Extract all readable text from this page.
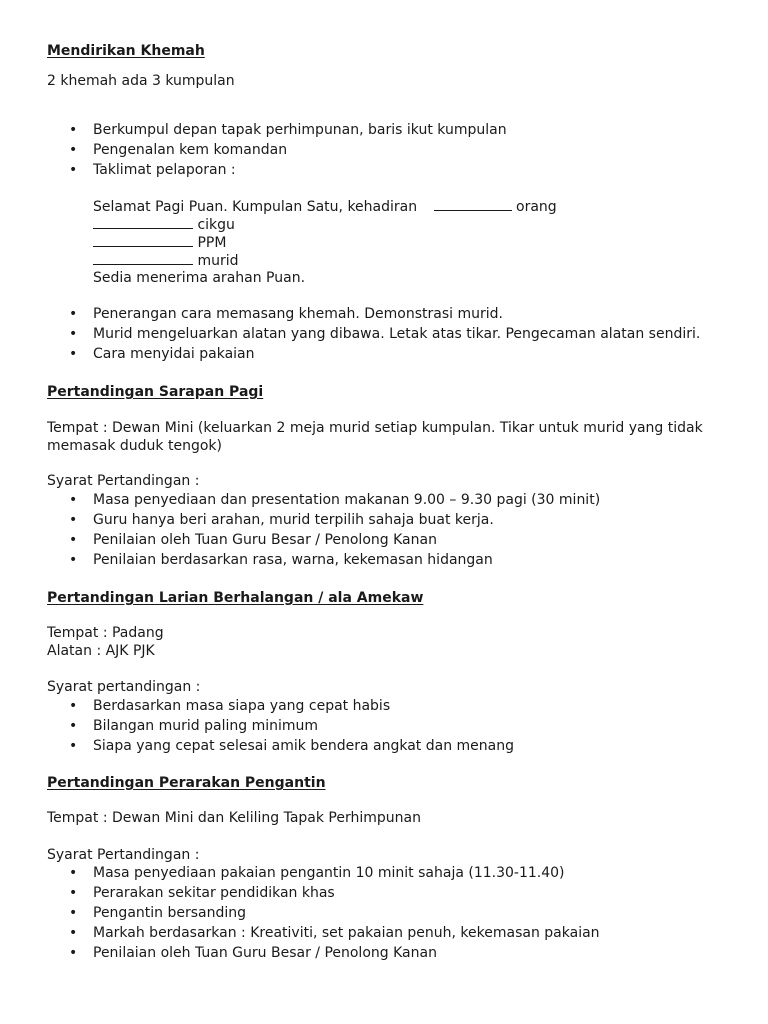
Mendirikan Khemah
2 khemah ada 3 kumpulan
• Berkumpul depan tapak perhimpunan, baris ikut kumpulan
• Pengenalan kem komandan
• Taklimat pelaporan :
Selamat Pagi Puan. Kumpulan Satu, kehadiran	orang
cikgu
PPM
murid
Sedia menerima arahan Puan.
• Penerangan cara memasang khemah. Demonstrasi murid.
• Murid mengeluarkan alatan yang dibawa. Letak atas tikar. Pengecaman alatan sendiri.
• Cara menyidai pakaian
Pertandingan Sarapan Pagi
Tempat : Dewan Mini (keluarkan 2 meja murid setiap kumpulan. Tikar untuk murid yang tidak
memasak duduk tengok)
Syarat Pertandingan :
• Masa penyediaan dan presentation makanan 9.00 – 9.30 pagi (30 minit)
• Guru hanya beri arahan, murid terpilih sahaja buat kerja.
• Penilaian oleh Tuan Guru Besar / Penolong Kanan
• Penilaian berdasarkan rasa, warna, kekemasan hidangan
Pertandingan Larian Berhalangan / ala Amekaw
Tempat : Padang
Alatan : AJK PJK
Syarat pertandingan :
• Berdasarkan masa siapa yang cepat habis
• Bilangan murid paling minimum
• Siapa yang cepat selesai amik bendera angkat dan menang
Pertandingan Perarakan Pengantin
Tempat : Dewan Mini dan Keliling Tapak Perhimpunan
Syarat Pertandingan :
• Masa penyediaan pakaian pengantin 10 minit sahaja (11.30-11.40)
• Perarakan sekitar pendidikan khas
• Pengantin bersanding
• Markah berdasarkan : Kreativiti, set pakaian penuh, kekemasan pakaian
• Penilaian oleh Tuan Guru Besar / Penolong Kanan
